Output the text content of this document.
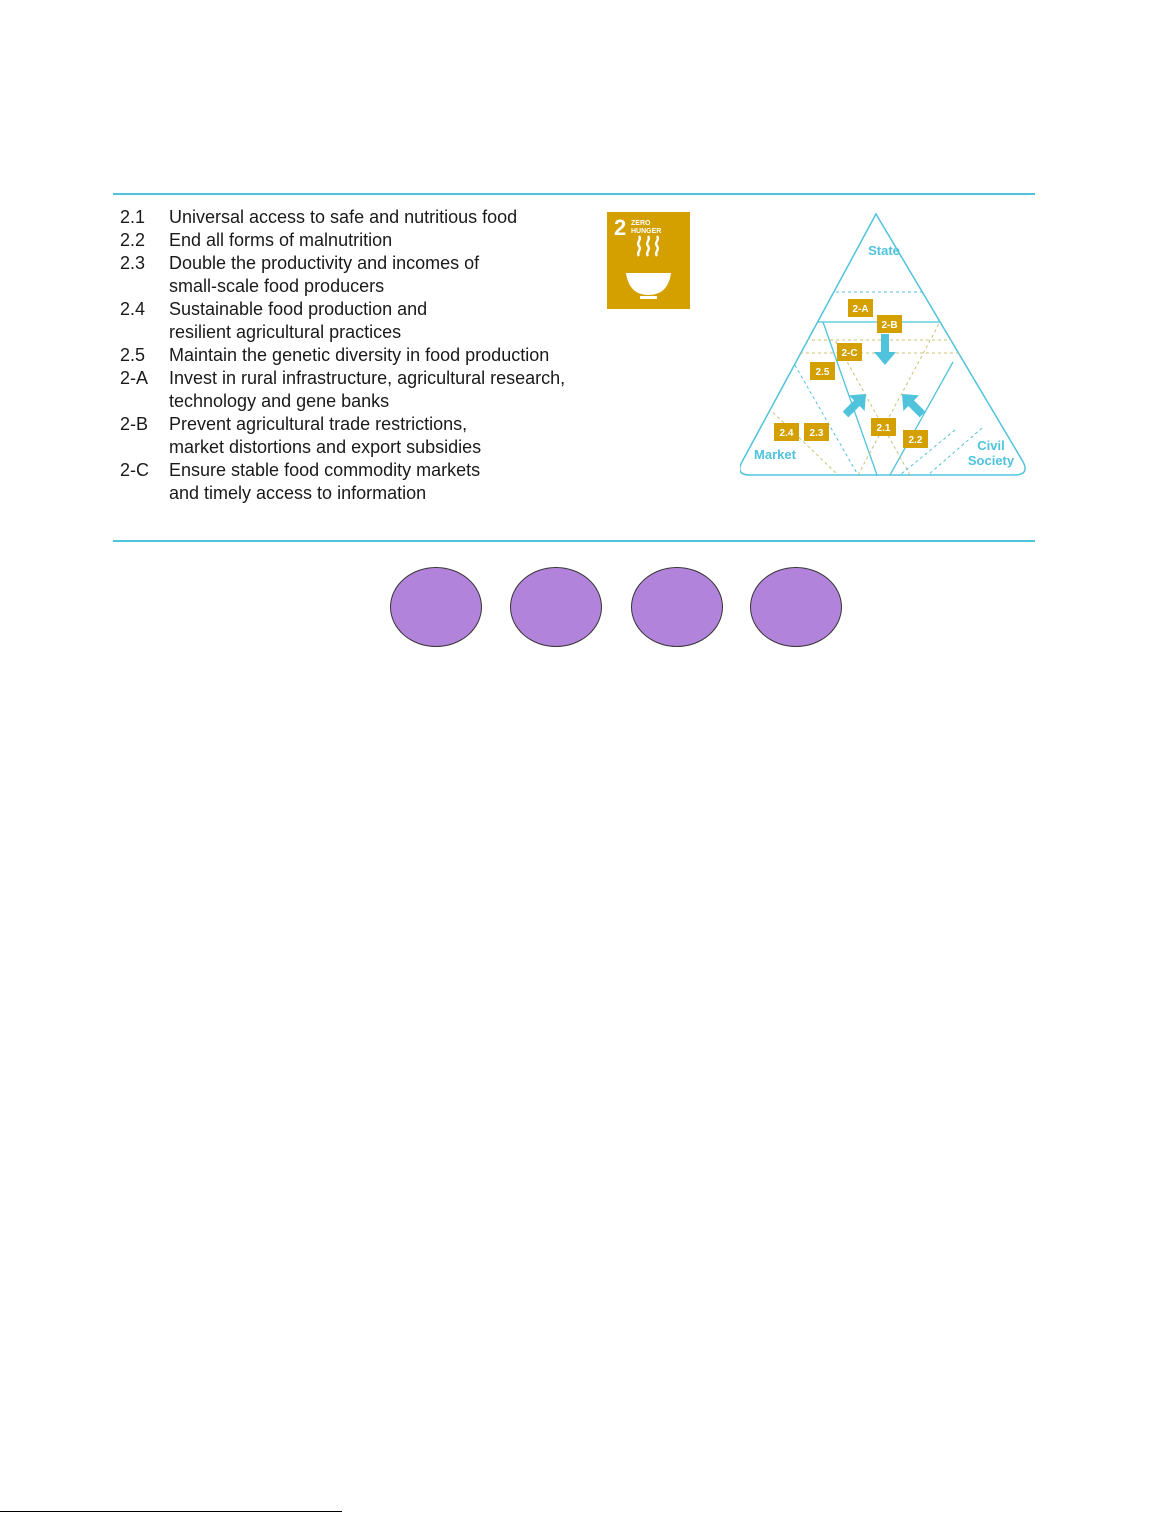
2.1	Universal access to safe and nutritious food
2.2	End all forms of malnutrition
2.3	Double the productivity and incomes of
small-scale food producers
2.4	Sustainable food production and
resilient agricultural practices
2.5	Maintain the genetic diversity in food production
2-A	Invest in rural infrastructure, agricultural research,
technology and gene banks
2-B	Prevent agricultural trade restrictions,
market distortions and export subsidies
2-C	Ensure stable food commodity markets
and timely access to information
2 ZERO
HUNGER
2-A
2-B
2-C
2.5
2.4 2.3	2.1
2.2
State
Market
Civil
Society
